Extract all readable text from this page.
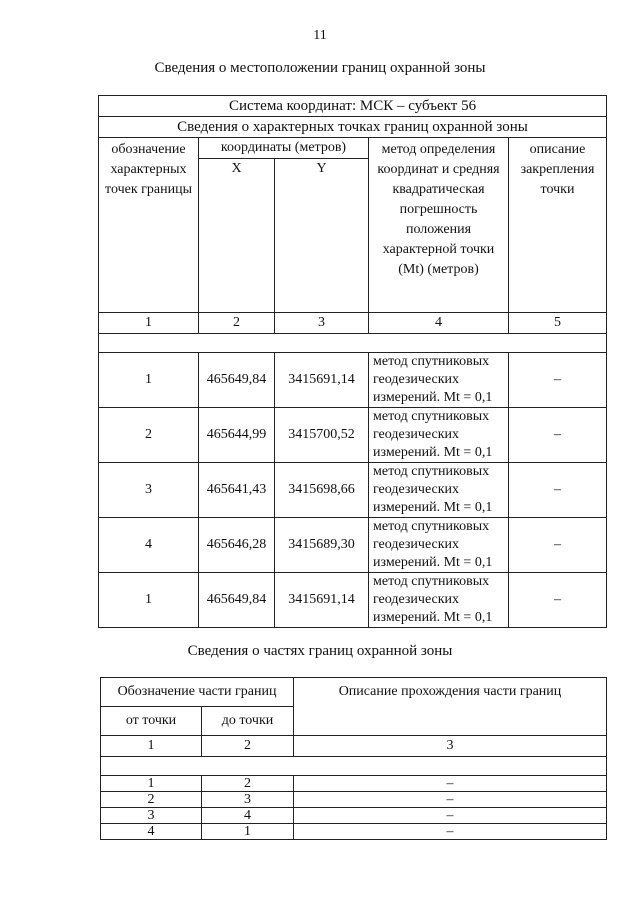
11
Сведения о местоположении границ охранной зоны
Система координат: МСК – субъект 56				
Сведения о характерных точках границ охранной зоны				
обозначение характерных точек границы	координаты (метров)		метод определения координат и средняя квадратическая погрешность положения характерной точки (Mt) (метров)	описание закрепления точки
	X	Y		
1	2	3	4	5

1	465649,84	3415691,14	метод спутниковых геодезических измерений. Mt = 0,1	–
2	465644,99	3415700,52	метод спутниковых геодезических измерений. Mt = 0,1	–
3	465641,43	3415698,66	метод спутниковых геодезических измерений. Mt = 0,1	–
4	465646,28	3415689,30	метод спутниковых геодезических измерений. Mt = 0,1	–
1	465649,84	3415691,14	метод спутниковых геодезических измерений. Mt = 0,1	–
Сведения о частях границ охранной зоны
Обозначение части границ		Описание прохождения части границ
от точки	до точки	
1	2	3

1	2	–
2	3	–
3	4	–
4	1	–
